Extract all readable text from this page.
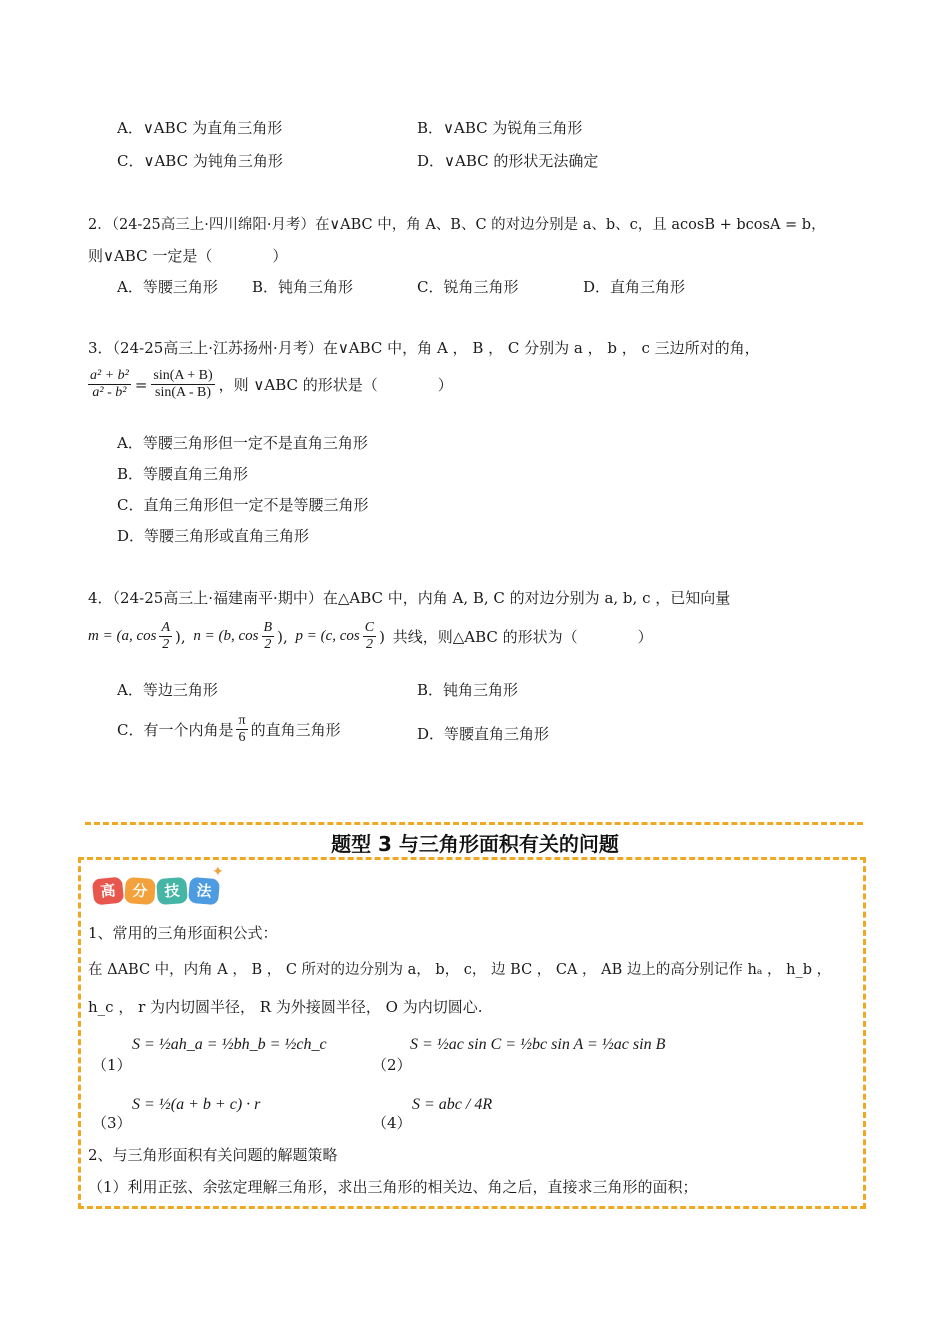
A．∨ABC 为直角三角形	B．∨ABC 为锐角三角形
C．∨ABC 为钝角三角形	D．∨ABC 的形状无法确定
2．（24-25高三上·四川绵阳·月考）在∨ABC 中，角 A、B、C 的对边分别是 a、b、c，且 acosB + bcosA = b，
则∨ABC 一定是（　　　　）
A．等腰三角形 B．钝角三角形	C．锐角三角形	D．直角三角形
3．（24-25高三上·江苏扬州·月考）在∨ABC 中，角 A ， B ， C 分别为 a ， b ， c 三边所对的角，
$\frac{\text{a² + b²}}{\text{a² - b²}} = \frac{\sin(A + B)}{\sin(A - B)}$ ，则 ∨ABC 的形状是（　　　　）
A．等腰三角形但一定不是直角三角形
B．等腰直角三角形
C．直角三角形但一定不是等腰三角形
D．等腰三角形或直角三角形
4．（24-25高三上·福建南平·期中）在△ABC 中，内角 A, B, C 的对边分别为 a, b, c ，已知向量
m = (a, $\cos \frac{A}{2}$ ), n = (b, $\cos \frac{B}{2}$ ), p = (c, $\cos \frac{C}{2}$ ) 共线，则△ABC 的形状为（　　　　）
A．等边三角形	B．钝角三角形
C．有一个内角是 $\frac{\pi}{6}$ 的直角三角形	D．等腰直角三角形
题型 3 与三角形面积有关的问题
高	分	技	法
✦
1、常用的三角形面积公式：
在 ΔABC 中，内角 A ， B ， C 所对的边分别为 a， b， c， 边 BC ， CA ， AB 边上的高分别记作 hₐ ， h_b ，
h_c ， r 为内切圆半径， R 为外接圆半径， O 为内切圆心.
（1）
S = ½ah_a = ½bh_b = ½ch_c
（2）
S = ½ac sin C = ½bc sin A = ½ac sin B
（3）
S = ½(a + b + c) · r
（4）
S = abc / 4R
2、与三角形面积有关问题的解题策略
（1）利用正弦、余弦定理解三角形，求出三角形的相关边、角之后，直接求三角形的面积；
